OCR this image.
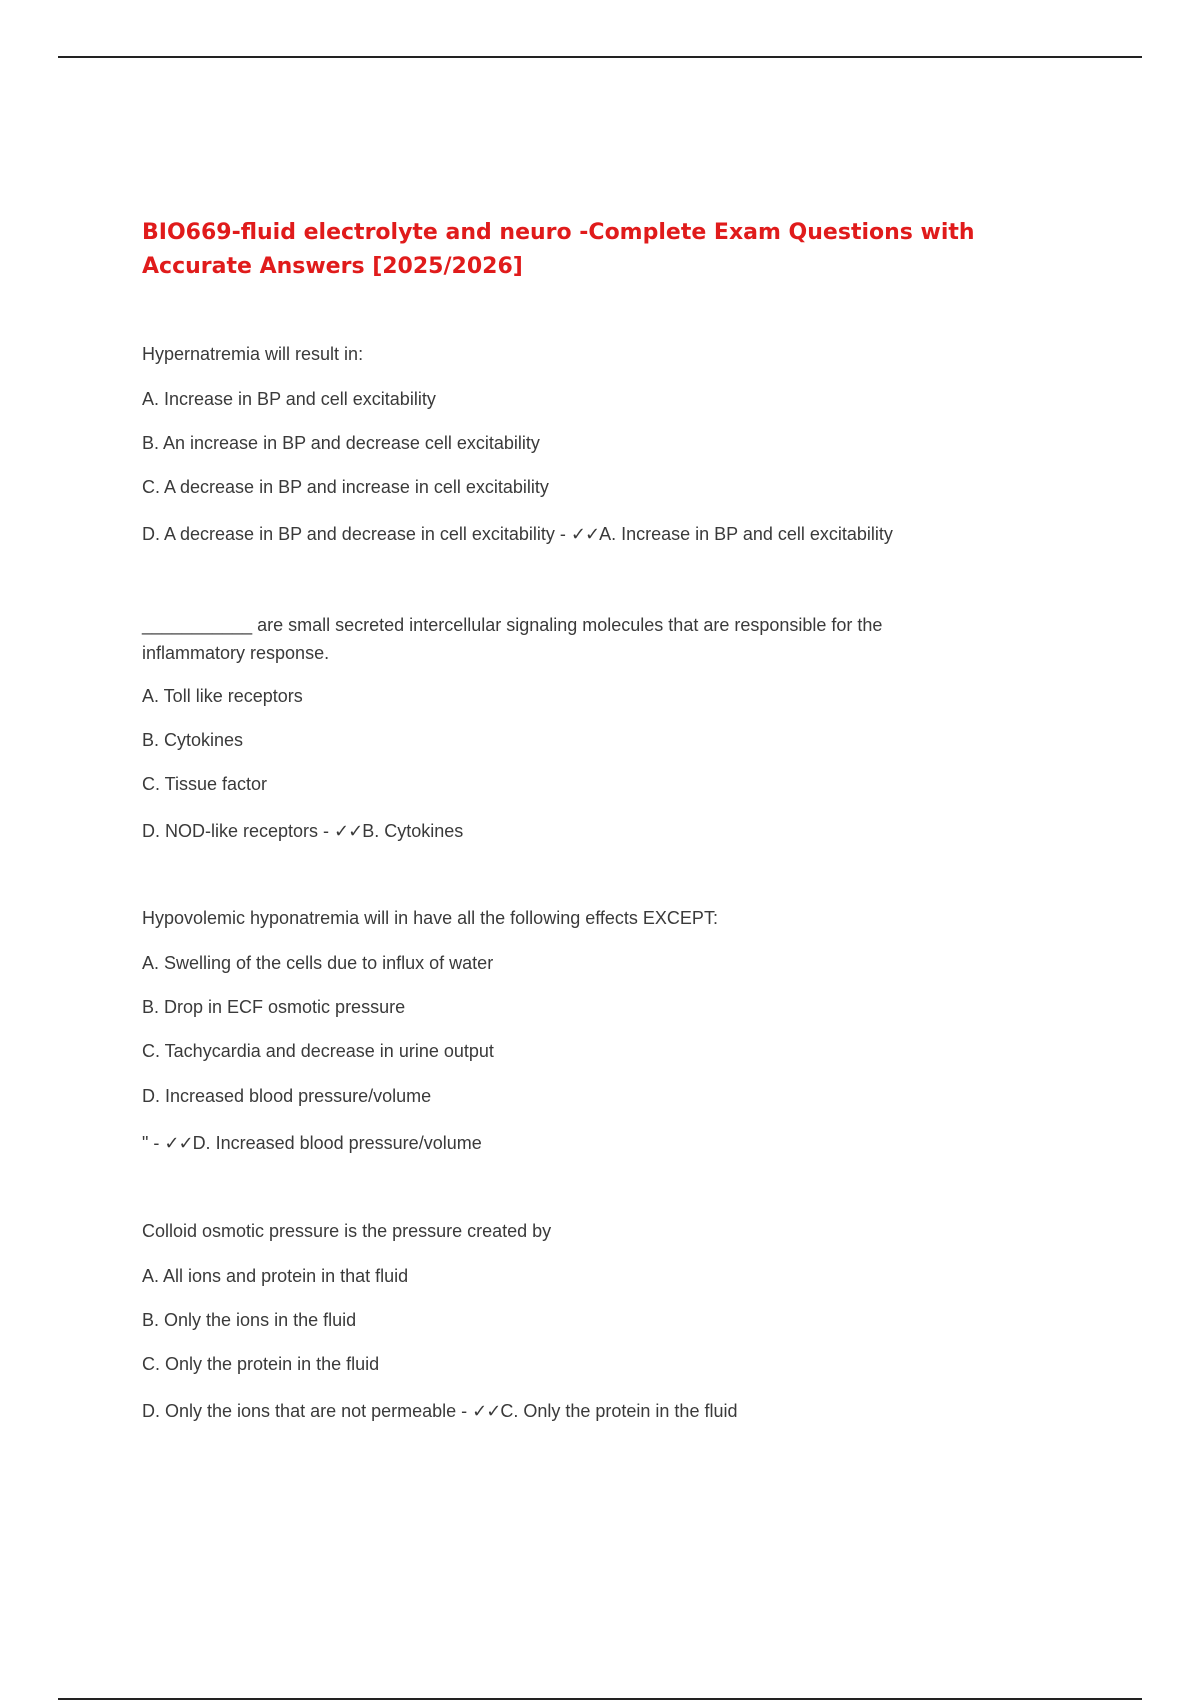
BIO669-fluid electrolyte and neuro -Complete Exam Questions with Accurate Answers [2025/2026]
Hypernatremia will result in:
A. Increase in BP and cell excitability
B. An increase in BP and decrease cell excitability
C. A decrease in BP and increase in cell excitability
D. A decrease in BP and decrease in cell excitability - ✓✓A. Increase in BP and cell excitability
___________ are small secreted intercellular signaling molecules that are responsible for the inflammatory response.
A. Toll like receptors
B. Cytokines
C. Tissue factor
D. NOD-like receptors - ✓✓B. Cytokines
Hypovolemic hyponatremia will in have all the following effects EXCEPT:
A. Swelling of the cells due to influx of water
B. Drop in ECF osmotic pressure
C. Tachycardia and decrease in urine output
D. Increased blood pressure/volume
" - ✓✓D. Increased blood pressure/volume
Colloid osmotic pressure is the pressure created by
A. All ions and protein in that fluid
B. Only the ions in the fluid
C. Only the protein in the fluid
D. Only the ions that are not permeable - ✓✓C. Only the protein in the fluid
